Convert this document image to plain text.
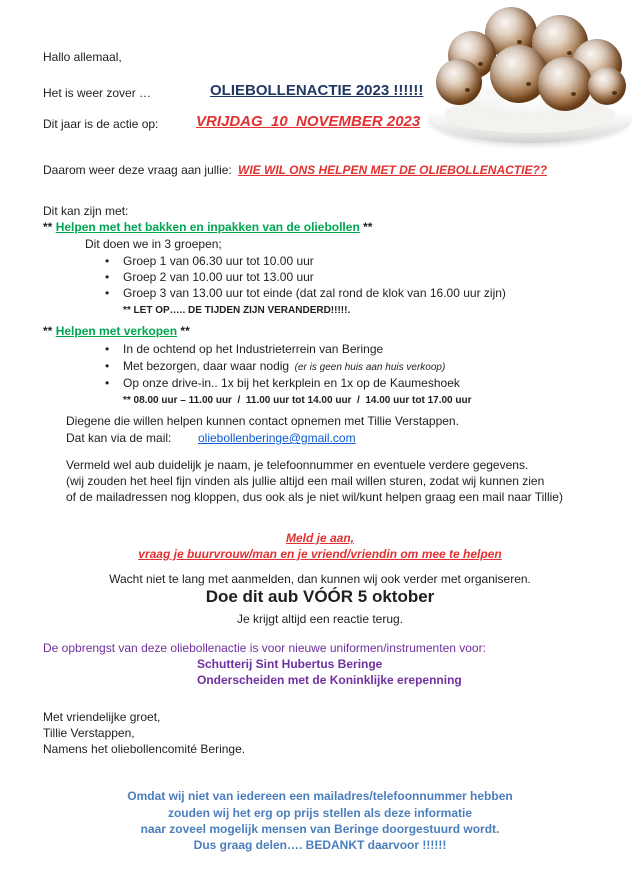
Hallo allemaal,
Het is weer zover …	OLIEBOLLENACTIE 2023 !!!!!!
Dit jaar is de actie op:	VRIJDAG  10  NOVEMBER 2023
Daarom weer deze vraag aan jullie: WIE WIL ONS HELPEN MET DE OLIEBOLLENACTIE??
Dit kan zijn met:
** Helpen met het bakken en inpakken van de oliebollen **
Dit doen we in 3 groepen;
• Groep 1 van 06.30 uur tot 10.00 uur
• Groep 2 van 10.00 uur tot 13.00 uur
• Groep 3 van 13.00 uur tot einde (dat zal rond de klok van 16.00 uur zijn)
** LET OP….. DE TIJDEN ZIJN VERANDERD!!!!!.
** Helpen met verkopen **
• In de ochtend op het Industrieterrein van Beringe
• Met bezorgen, daar waar nodig  (er is geen huis aan huis verkoop)
• Op onze drive-in.. 1x bij het kerkplein en 1x op de Kaumeshoek
** 08.00 uur – 11.00 uur  /  11.00 uur tot 14.00 uur  /  14.00 uur tot 17.00 uur
Diegene die willen helpen kunnen contact opnemen met Tillie Verstappen.
Dat kan via de mail: oliebollenberinge@gmail.com
Vermeld wel aub duidelijk je naam, je telefoonnummer en eventuele verdere gegevens.
(wij zouden het heel fijn vinden als jullie altijd een mail willen sturen, zodat wij kunnen zien
of de mailadressen nog kloppen, dus ook als je niet wil/kunt helpen graag een mail naar Tillie)
Meld je aan,
vraag je buurvrouw/man en je vriend/vriendin om mee te helpen
Wacht niet te lang met aanmelden, dan kunnen wij ook verder met organiseren.
Doe dit aub VÓÓR 5 oktober
Je krijgt altijd een reactie terug.
De opbrengst van deze oliebollenactie is voor nieuwe uniformen/instrumenten voor:
Schutterij Sint Hubertus Beringe
Onderscheiden met de Koninklijke erepenning
Met vriendelijke groet,
Tillie Verstappen,
Namens het oliebollencomité Beringe.
Omdat wij niet van iedereen een mailadres/telefoonnummer hebben
zouden wij het erg op prijs stellen als deze informatie
naar zoveel mogelijk mensen van Beringe doorgestuurd wordt.
Dus graag delen…. BEDANKT daarvoor !!!!!!
